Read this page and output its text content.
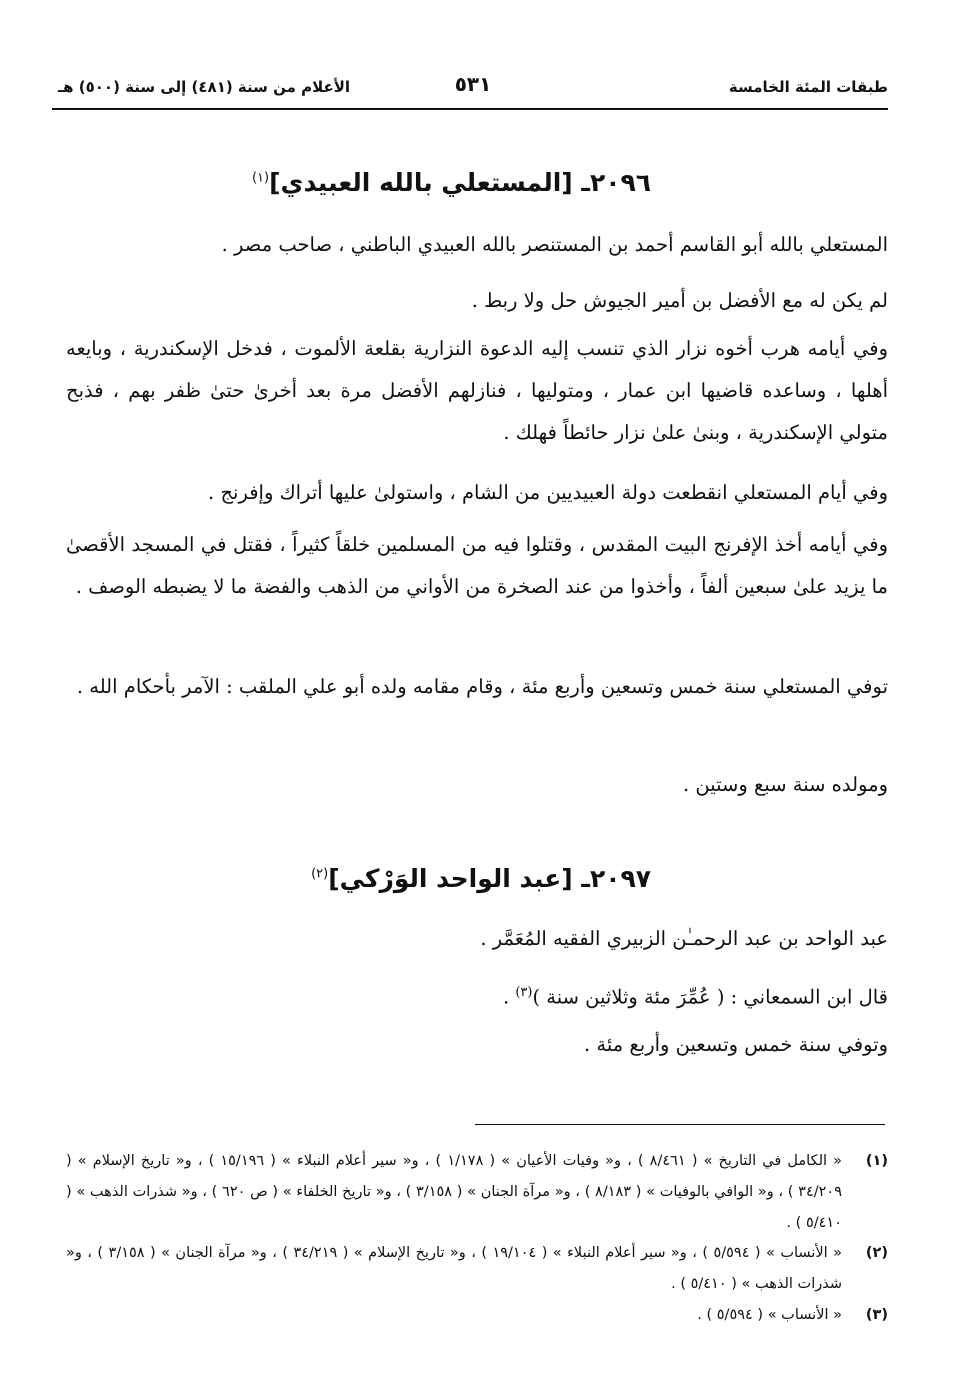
طبقات المئة الخامسة
٥٣١
الأعلام من سنة (٤٨١) إلى سنة (٥٠٠) هـ
٢٠٩٦ـ [المستعلي بالله العبيدي]$^{(١)}$
المستعلي بالله أبو القاسم أحمد بن المستنصر بالله العبيدي الباطني ، صاحب مصر .
لم يكن له مع الأفضل بن أمير الجيوش حل ولا ربط .
وفي أيامه هرب أخوه نزار الذي تنسب إليه الدعوة النزارية بقلعة الألموت ، فدخل الإسكندرية ، وبايعه أهلها ، وساعده قاضيها ابن عمار ، ومتوليها ، فنازلهم الأفضل مرة بعد أخرىٰ حتىٰ ظفر بهم ، فذبح متولي الإسكندرية ، وبنىٰ علىٰ نزار حائطاً فهلك .
وفي أيام المستعلي انقطعت دولة العبيديين من الشام ، واستولىٰ عليها أتراك وإفرنج .
وفي أيامه أخذ الإفرنج البيت المقدس ، وقتلوا فيه من المسلمين خلقاً كثيراً ، فقتل في المسجد الأقصىٰ ما يزيد علىٰ سبعين ألفاً ، وأخذوا من عند الصخرة من الأواني من الذهب والفضة ما لا يضبطه الوصف .
توفي المستعلي سنة خمس وتسعين وأربع مئة ، وقام مقامه ولده أبو علي الملقب : الآمر بأحكام الله .
ومولده سنة سبع وستين .
٢٠٩٧ـ [عبد الواحد الوَرْكي]$^{(٢)}$
عبد الواحد بن عبد الرحمـٰن الزبيري الفقيه المُعَمَّر .
قال ابن السمعاني : ( عُمِّرَ مئة وثلاثين سنة )$^{(٣)}$ .
وتوفي سنة خمس وتسعين وأربع مئة .
(١)
« الكامل في التاريخ » ( ٨/٤٦١ ) ، و« وفيات الأعيان » ( ١/١٧٨ ) ، و« سير أعلام النبلاء » ( ١٥/١٩٦ ) ، و« تاريخ الإسلام » ( ٣٤/٢٠٩ ) ، و« الوافي بالوفيات » ( ٨/١٨٣ ) ، و« مرآة الجنان » ( ٣/١٥٨ ) ، و« تاريخ الخلفاء » ( ص ٦٢٠ ) ، و« شذرات الذهب » ( ٥/٤١٠ ) .
(٢)
« الأنساب » ( ٥/٥٩٤ ) ، و« سير أعلام النبلاء » ( ١٩/١٠٤ ) ، و« تاريخ الإسلام » ( ٣٤/٢١٩ ) ، و« مرآة الجنان » ( ٣/١٥٨ ) ، و« شذرات الذهب » ( ٥/٤١٠ ) .
(٣)
« الأنساب » ( ٥/٥٩٤ ) .
